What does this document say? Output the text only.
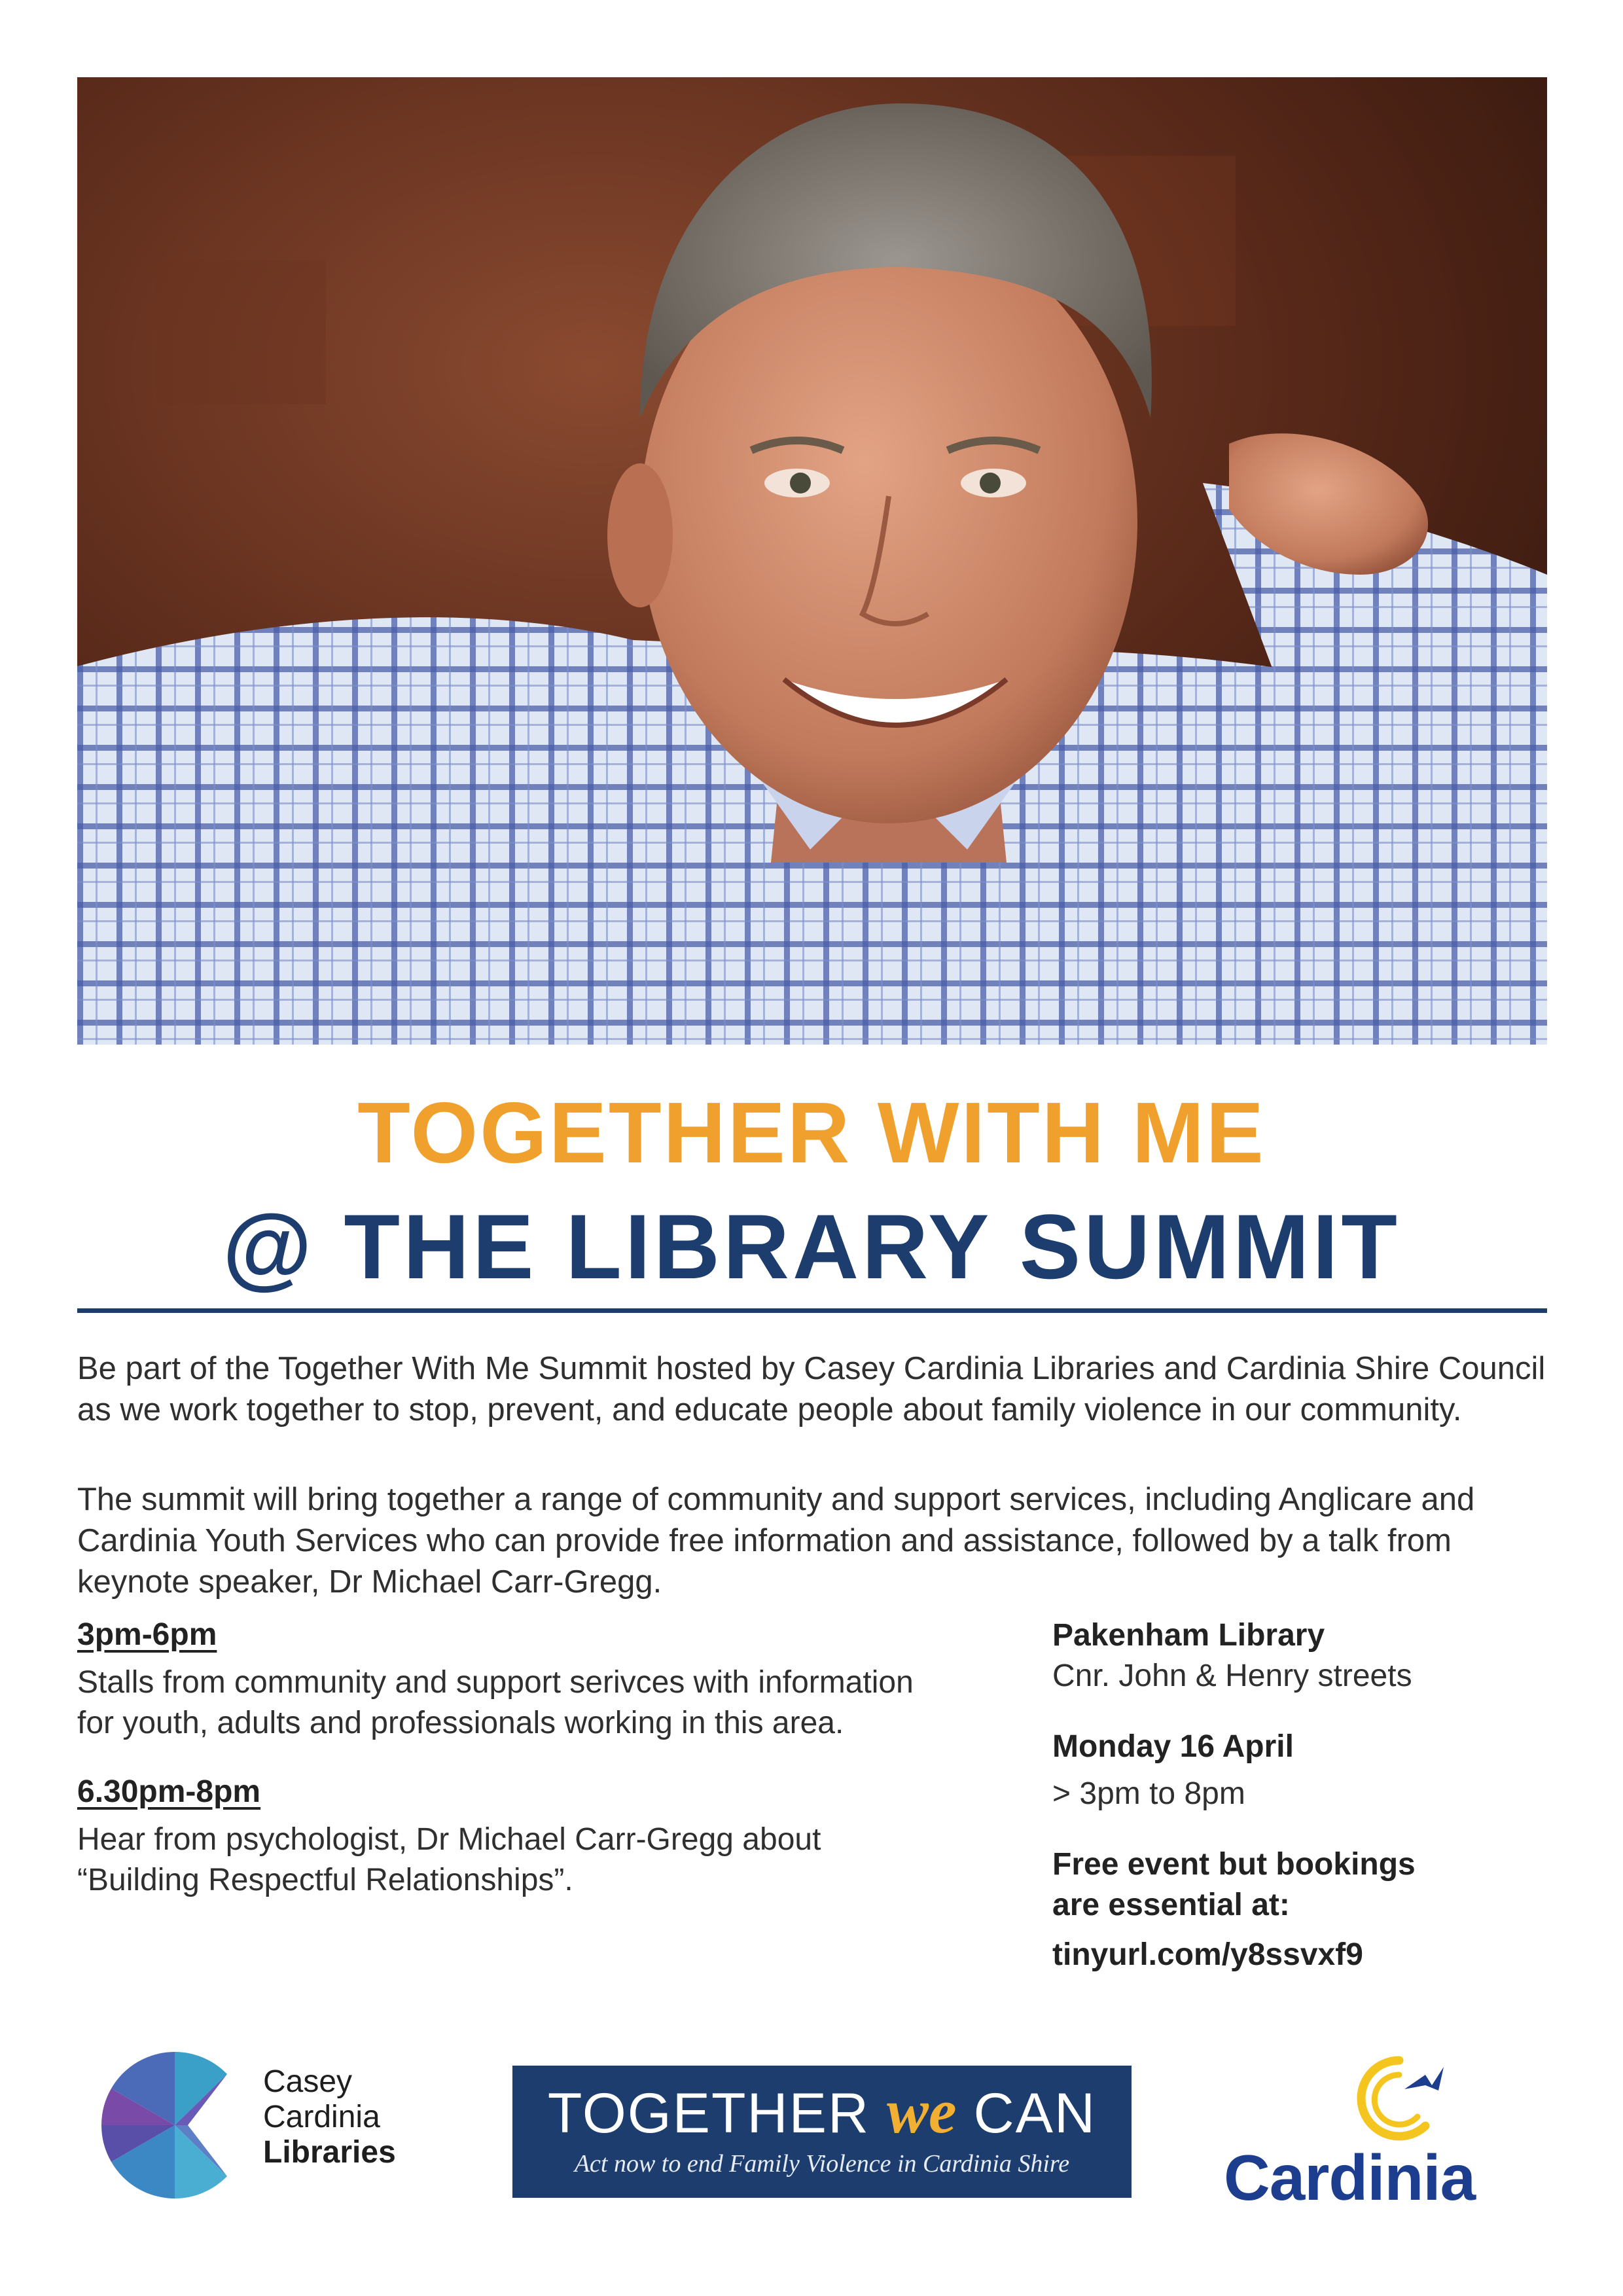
TOGETHER WITH ME
@ THE LIBRARY SUMMIT

Be part of the Together With Me Summit hosted by Casey Cardinia Libraries and Cardinia Shire Council as we work together to stop, prevent, and educate people about family violence in our community.

The summit will bring together a range of community and support services, including Anglicare and Cardinia Youth Services who can provide free information and assistance, followed by a talk from keynote speaker, Dr Michael Carr-Gregg.

3pm-6pm
Stalls from community and support serivces with information for youth, adults and professionals working in this area.
6.30pm-8pm
Hear from psychologist, Dr Michael Carr-Gregg about “Building Respectful Relationships”.
Pakenham Library
Cnr. John & Henry streets
Monday 16 April
> 3pm to 8pm
Free event but bookings
are essential at:
tinyurl.com/y8ssvxf9
Casey
Cardinia
Libraries
TOGETHER we CAN
Act now to end Family Violence in Cardinia Shire	Cardinia
